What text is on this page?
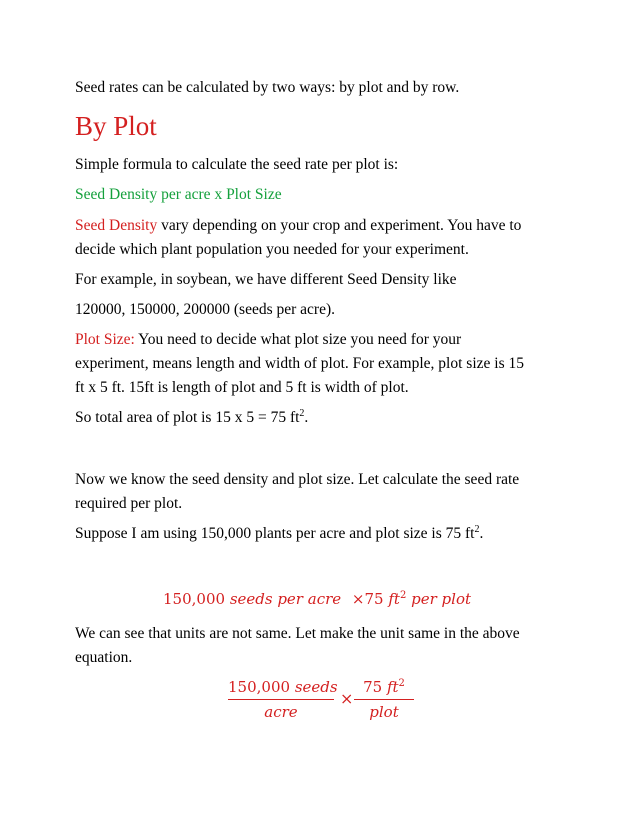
Seed rates can be calculated by two ways: by plot and by row.
By Plot
Simple formula to calculate the seed rate per plot is:
Seed Density per acre x Plot Size
Seed Density vary depending on your crop and experiment. You have to
decide which plant population you needed for your experiment.
For example, in soybean, we have different Seed Density like
120000, 150000, 200000 (seeds per acre).
Plot Size: You need to decide what plot size you need for your
experiment, means length and width of plot. For example, plot size is 15
ft x 5 ft. 15ft is length of plot and 5 ft is width of plot.
So total area of plot is 15 x 5 = 75 $ft^2$.
Now we know the seed density and plot size. Let calculate the seed rate
required per plot.
Suppose I am using 150,000 plants per acre and plot size is 75 $ft^2$.
150,000 seeds per acre ×75 $ft^2$ per plot
We can see that units are not same. Let make the unit same in the above
equation.
150,000 seeds
acre
×
75 $ft^2$
plot
